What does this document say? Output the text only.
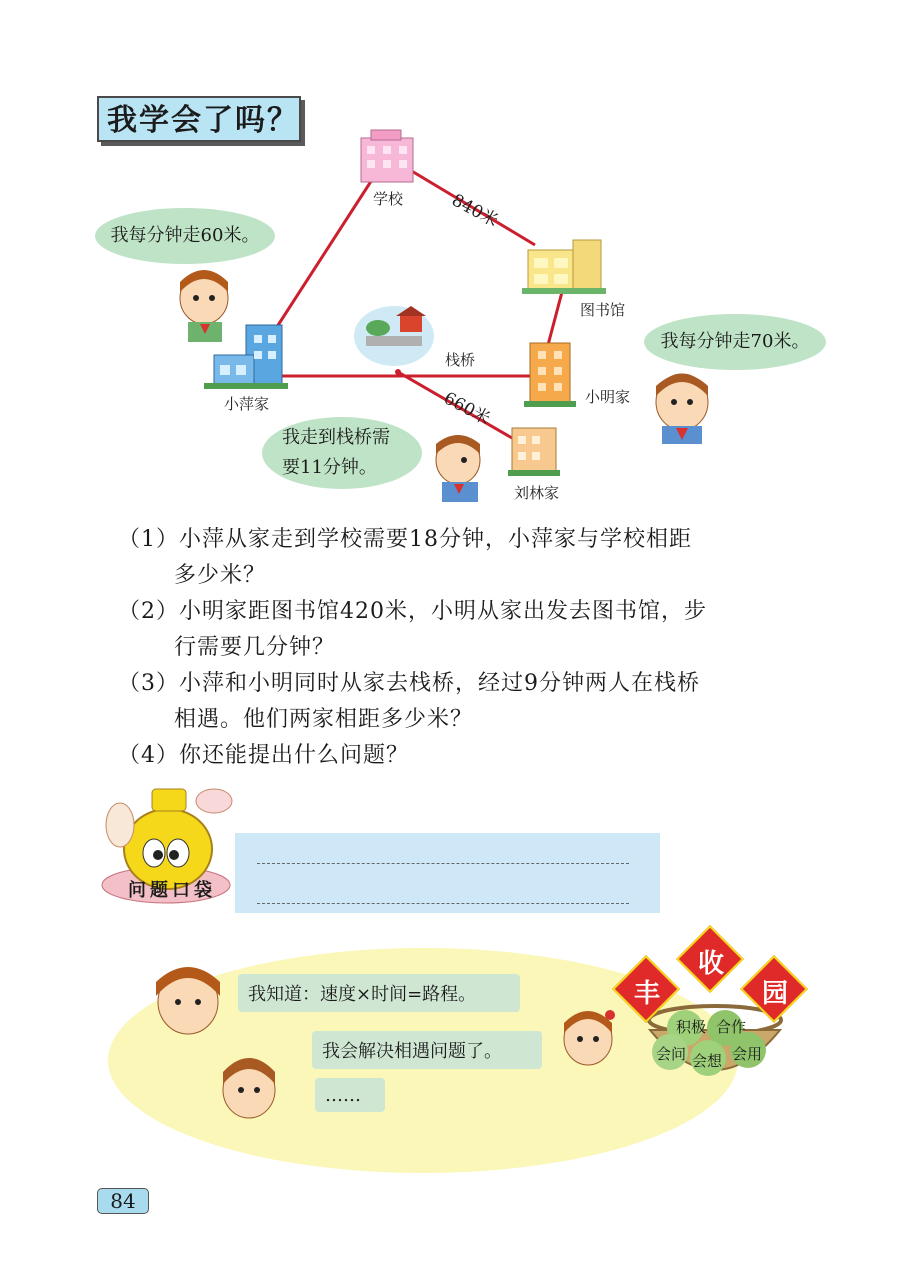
我学会了吗？
学校
图书馆
小萍家
栈桥
小明家
刘林家
840米
660米
我每分钟走60米。
我每分钟走70米。
我走到栈桥需
要11分钟。
（1）小萍从家走到学校需要18分钟，小萍家与学校相距
多少米？
（2）小明家距图书馆420米，小明从家出发去图书馆，步
行需要几分钟？
（3）小萍和小明同时从家去栈桥，经过9分钟两人在栈桥
相遇。他们两家相距多少米？
（4）你还能提出什么问题？
问题口袋
我知道：速度×时间=路程。
我会解决相遇问题了。
……
积极 合作
会问 会想 会用
丰
收
园
84
